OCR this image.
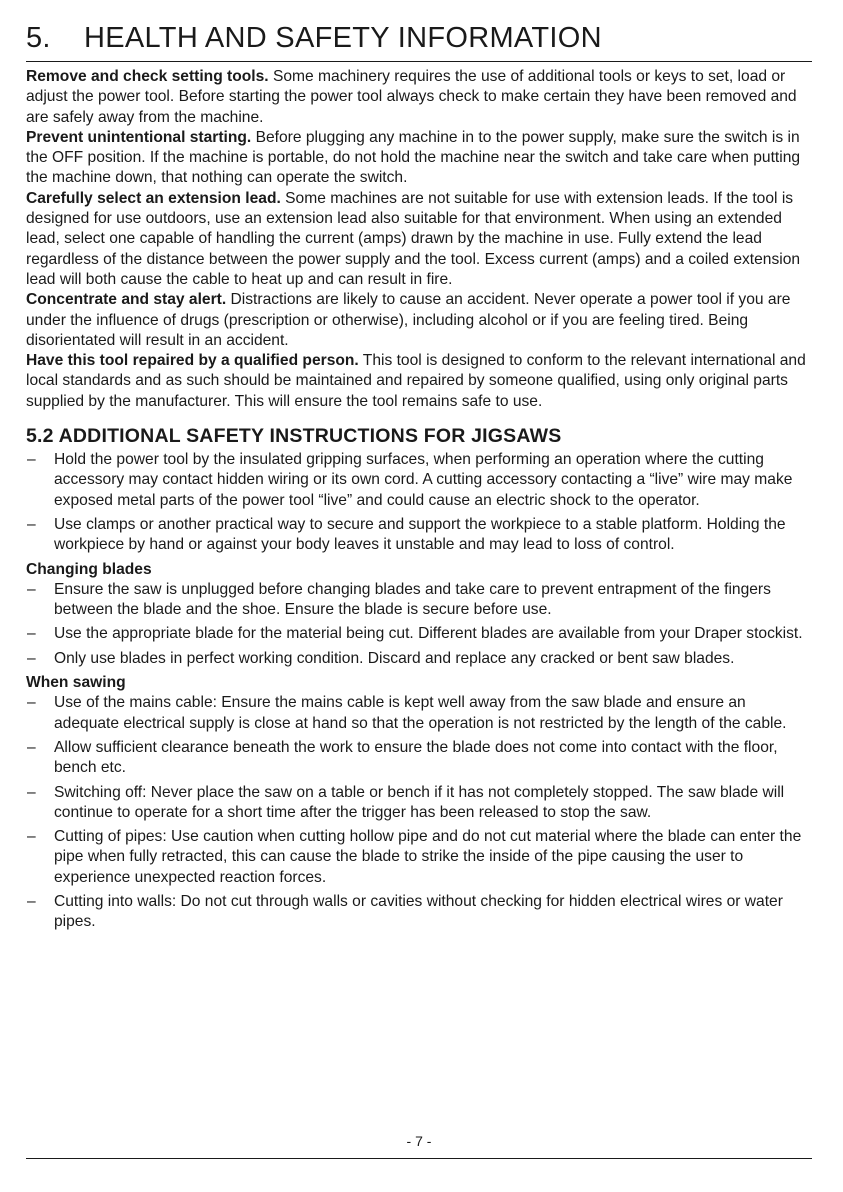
5. HEALTH AND SAFETY INFORMATION

Remove and check setting tools. Some machinery requires the use of additional tools or keys to set, load or adjust the power tool. Before starting the power tool always check to make certain they have been removed and are safely away from the machine.

Prevent unintentional starting. Before plugging any machine in to the power supply, make sure the switch is in the OFF position. If the machine is portable, do not hold the machine near the switch and take care when putting the machine down, that nothing can operate the switch.

Carefully select an extension lead. Some machines are not suitable for use with extension leads. If the tool is designed for use outdoors, use an extension lead also suitable for that environment. When using an extended lead, select one capable of handling the current (amps) drawn by the machine in use. Fully extend the lead regardless of the distance between the power supply and the tool. Excess current (amps) and a coiled extension lead will both cause the cable to heat up and can result in fire.

Concentrate and stay alert. Distractions are likely to cause an accident. Never operate a power tool if you are under the influence of drugs (prescription or otherwise), including alcohol or if you are feeling tired. Being disorientated will result in an accident.

Have this tool repaired by a qualified person. This tool is designed to conform to the relevant international and local standards and as such should be maintained and repaired by someone qualified, using only original parts supplied by the manufacturer. This will ensure the tool remains safe to use.

5.2 ADDITIONAL SAFETY INSTRUCTIONS FOR JIGSAWS
– Hold the power tool by the insulated gripping surfaces, when performing an operation where the cutting accessory may contact hidden wiring or its own cord. A cutting accessory contacting a “live” wire may make exposed metal parts of the power tool “live” and could cause an electric shock to the operator.
– Use clamps or another practical way to secure and support the workpiece to a stable platform. Holding the workpiece by hand or against your body leaves it unstable and may lead to loss of control.
Changing blades
– Ensure the saw is unplugged before changing blades and take care to prevent entrapment of the fingers between the blade and the shoe. Ensure the blade is secure before use.
– Use the appropriate blade for the material being cut. Different blades are available from your Draper stockist.
– Only use blades in perfect working condition. Discard and replace any cracked or bent saw blades.
When sawing
– Use of the mains cable: Ensure the mains cable is kept well away from the saw blade and ensure an adequate electrical supply is close at hand so that the operation is not restricted by the length of the cable.
– Allow sufficient clearance beneath the work to ensure the blade does not come into contact with the floor, bench etc.
– Switching off: Never place the saw on a table or bench if it has not completely stopped. The saw blade will continue to operate for a short time after the trigger has been released to stop the saw.
– Cutting of pipes: Use caution when cutting hollow pipe and do not cut material where the blade can enter the pipe when fully retracted, this can cause the blade to strike the inside of the pipe causing the user to experience unexpected reaction forces.
– Cutting into walls: Do not cut through walls or cavities without checking for hidden electrical wires or water pipes.
- 7 -
